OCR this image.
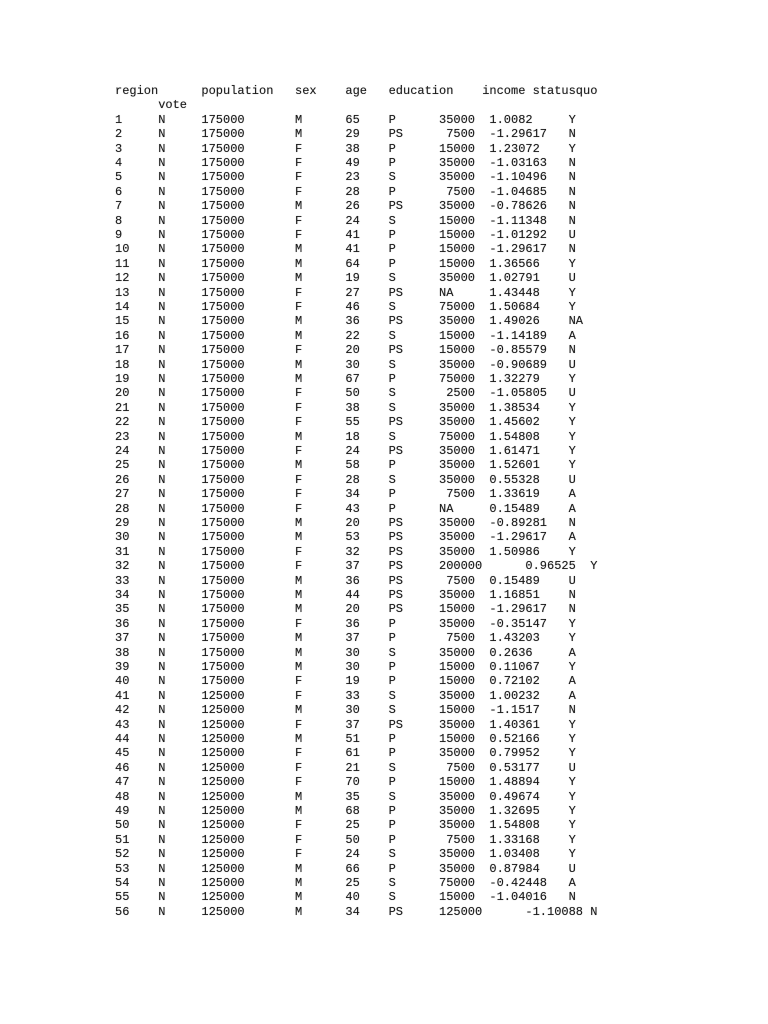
region	population sex age education income statusquo
vote
1	N	175000	M	65 P	35000 1.0082	Y
2	N	175000	M	29 PS	7500 -1.29617 N
3	N	175000	F	38 P	15000 1.23072 Y
4	N	175000	F	49 P	35000 -1.03163 N
5	N	175000	F	23 S	35000 -1.10496 N
6	N	175000	F	28 P	7500 -1.04685 N
7	N	175000	M	26 PS	35000 -0.78626 N
8	N	175000	F	24 S	15000 -1.11348 N
9	N	175000	F	41 P	15000 -1.01292 U
10 N	175000	M	41 P	15000 -1.29617 N
11 N	175000	M	64 P	15000 1.36566 Y
12 N	175000	M	19 S	35000 1.02791 U
13 N	175000	F	27 PS	NA	1.43448 Y
14 N	175000	F	46 S	75000 1.50684 Y
15 N	175000	M	36 PS	35000 1.49026 NA
16 N	175000	M	22 S	15000 -1.14189 A
17 N	175000	F	20 PS	15000 -0.85579 N
18 N	175000	M	30 S	35000 -0.90689 U
19 N	175000	M	67 P	75000 1.32279 Y
20 N	175000	F	50 S	2500 -1.05805 U
21 N	175000	F	38 S	35000 1.38534 Y
22 N	175000	F	55 PS	35000 1.45602 Y
23 N	175000	M	18 S	75000 1.54808 Y
24 N	175000	F	24 PS	35000 1.61471 Y
25 N	175000	M	58 P	35000 1.52601 Y
26 N	175000	F	28 S	35000 0.55328 U
27 N	175000	F	34 P	7500 1.33619 A
28 N	175000	F	43 P	NA	0.15489 A
29 N	175000	M	20 PS	35000 -0.89281 N
30 N	175000	M	53 PS	35000 -1.29617 A
31 N	175000	F	32 PS	35000 1.50986 Y
32 N	175000	F	37 PS	200000	0.96525 Y
33 N	175000	M	36 PS	7500 0.15489 U
34 N	175000	M	44 PS	35000 1.16851 N
35 N	175000	M	20 PS	15000 -1.29617 N
36 N	175000	F	36 P	35000 -0.35147 Y
37 N	175000	M	37 P	7500 1.43203 Y
38 N	175000	M	30 S	35000 0.2636	A
39 N	175000	M	30 P	15000 0.11067 Y
40 N	175000	F	19 P	15000 0.72102 A
41 N	125000	F	33 S	35000 1.00232 A
42 N	125000	M	30 S	15000 -1.1517 N
43 N	125000	F	37 PS	35000 1.40361 Y
44 N	125000	M	51 P	15000 0.52166 Y
45 N	125000	F	61 P	35000 0.79952 Y
46 N	125000	F	21 S	7500 0.53177 U
47 N	125000	F	70 P	15000 1.48894 Y
48 N	125000	M	35 S	35000 0.49674 Y
49 N	125000	M	68 P	35000 1.32695 Y
50 N	125000	F	25 P	35000 1.54808 Y
51 N	125000	F	50 P	7500 1.33168 Y
52 N	125000	F	24 S	35000 1.03408 Y
53 N	125000	M	66 P	35000 0.87984 U
54 N	125000	M	25 S	75000 -0.42448 A
55 N	125000	M	40 S	15000 -1.04016 N
56 N	125000	M	34 PS	125000	-1.10088 N
